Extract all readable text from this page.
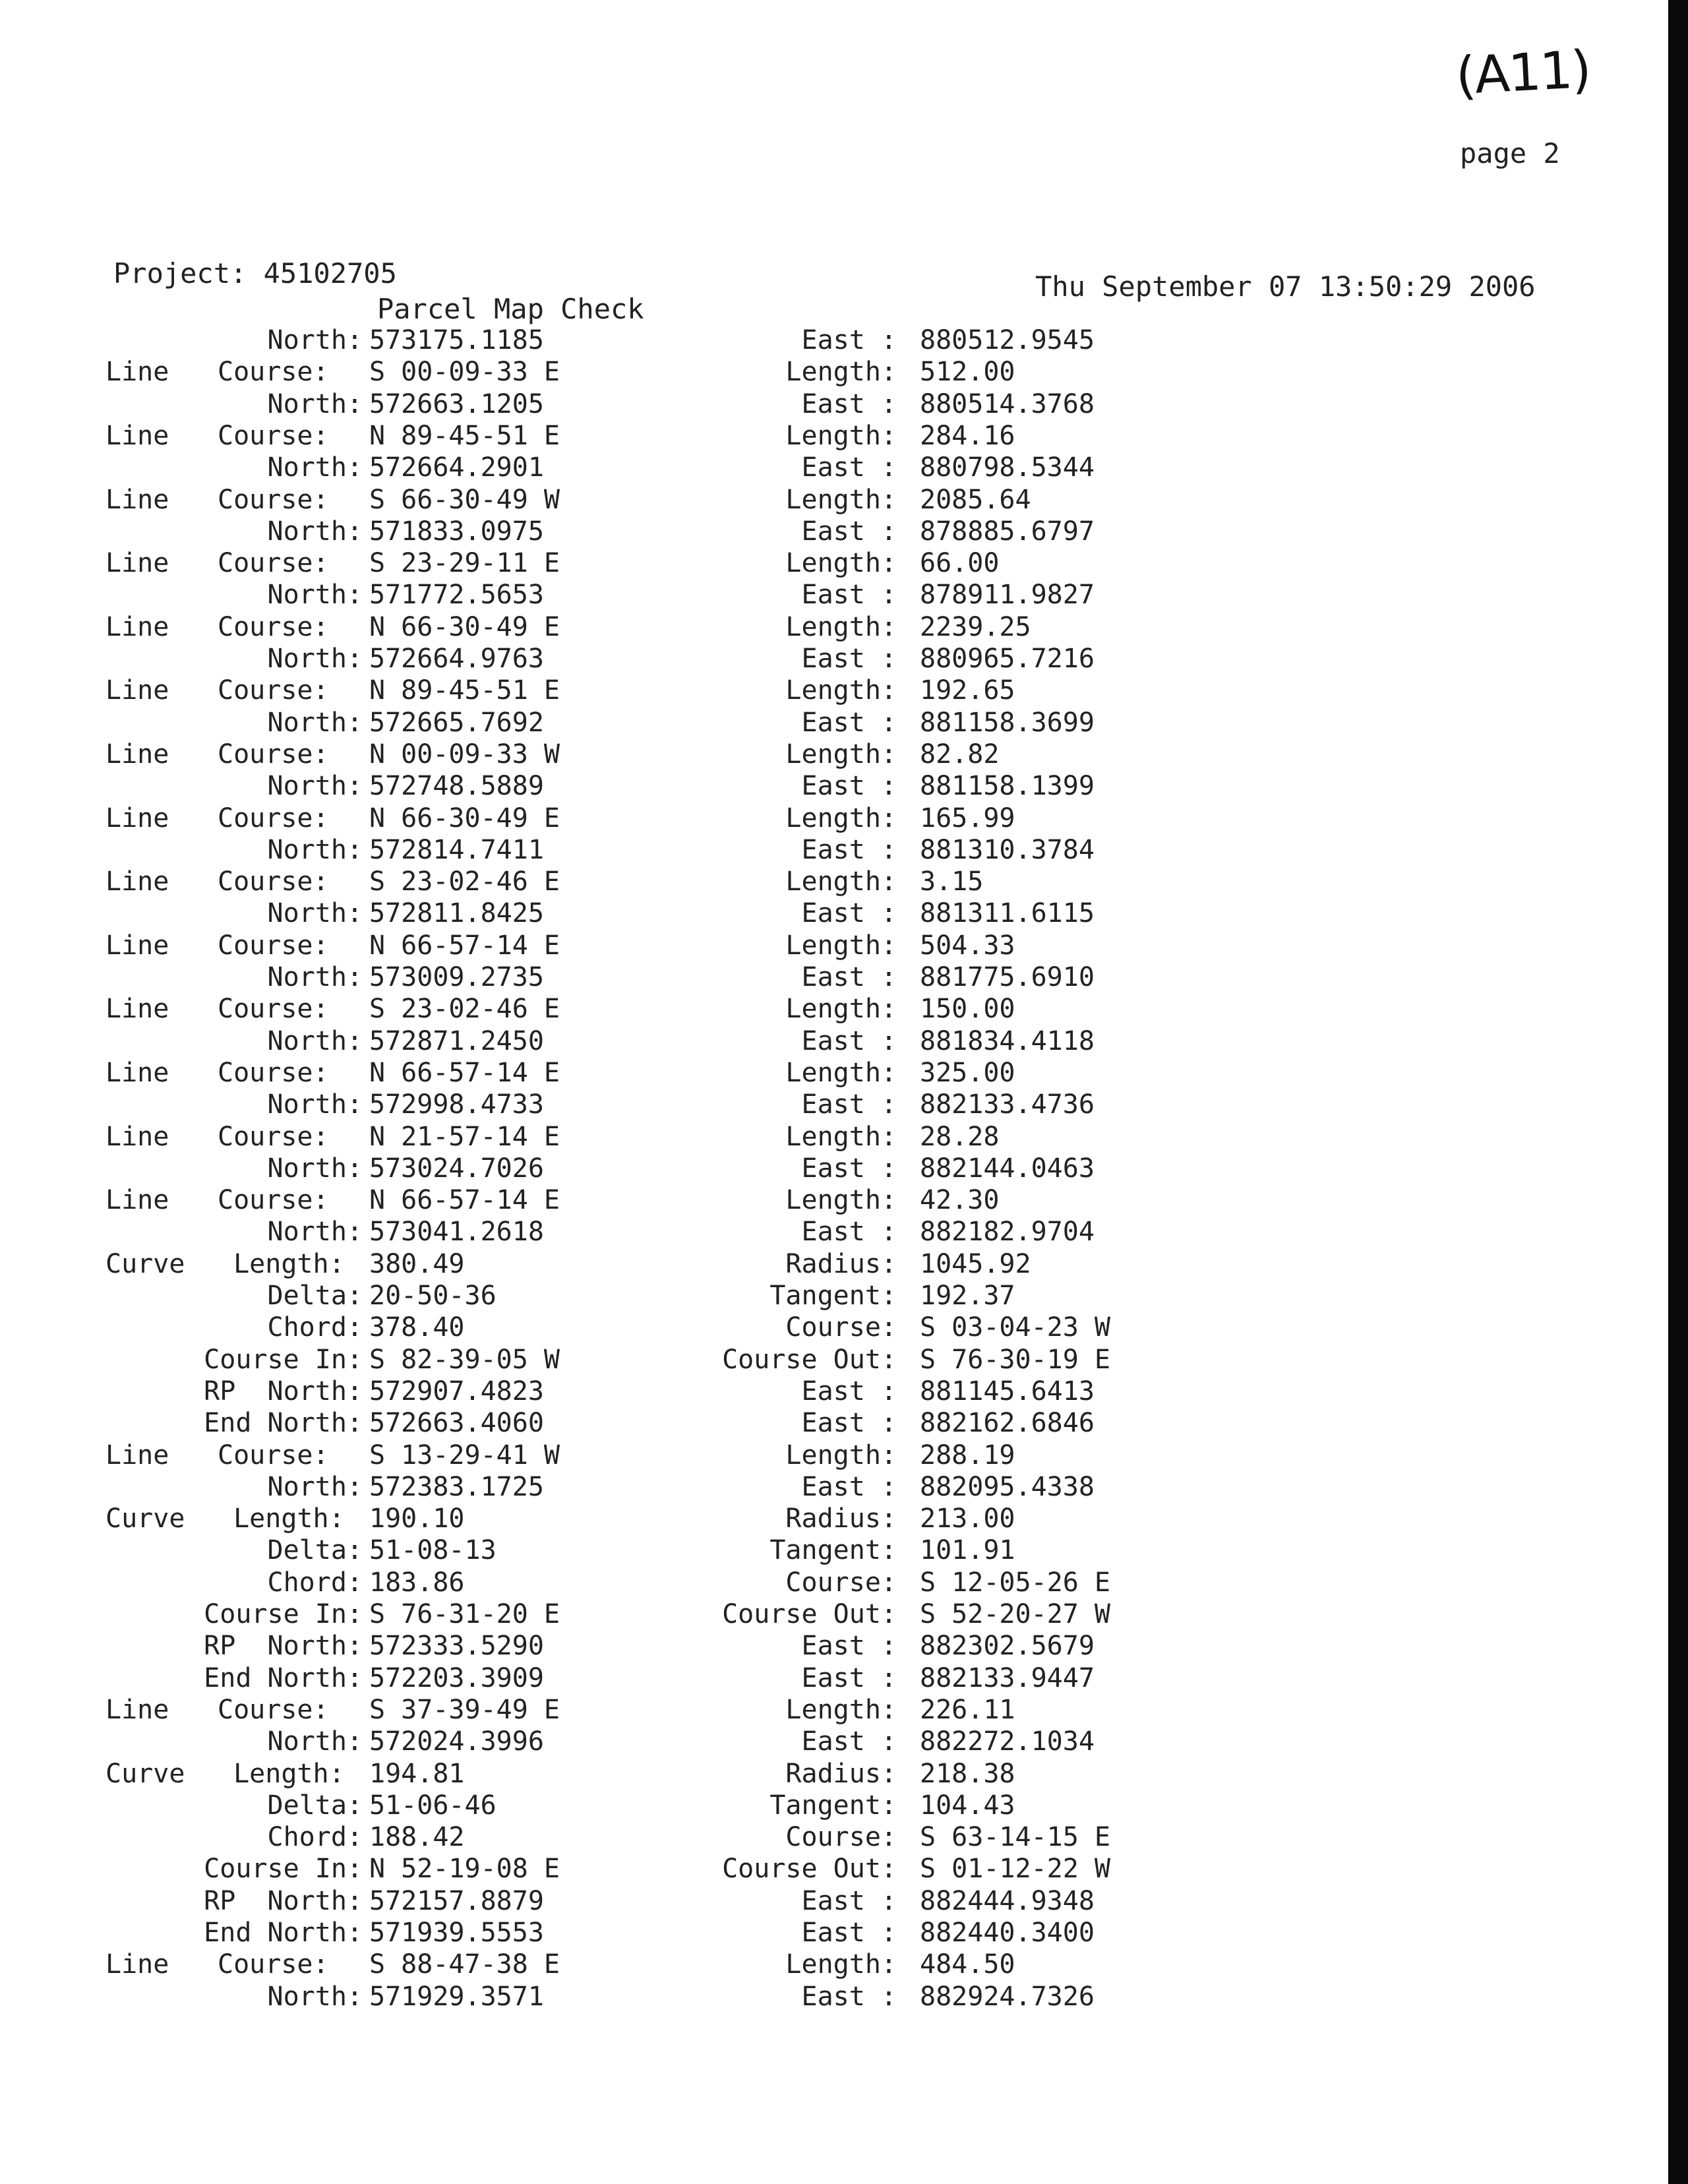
(A11)
page 2
Project: 45102705	Thu September 07 13:50:29 2006
Parcel Map Check
North: 573175.1185	East : 880512.9545
Line Course: S 00-09-33 E	Length: 512.00
North: 572663.1205	East : 880514.3768
Line Course: N 89-45-51 E	Length: 284.16
North: 572664.2901	East : 880798.5344
Line Course: S 66-30-49 W	Length: 2085.64
North: 571833.0975	East : 878885.6797
Line Course: S 23-29-11 E	Length: 66.00
North: 571772.5653	East : 878911.9827
Line Course: N 66-30-49 E	Length: 2239.25
North: 572664.9763	East : 880965.7216
Line Course: N 89-45-51 E	Length: 192.65
North: 572665.7692	East : 881158.3699
Line Course: N 00-09-33 W	Length: 82.82
North: 572748.5889	East : 881158.1399
Line Course: N 66-30-49 E	Length: 165.99
North: 572814.7411	East : 881310.3784
Line Course: S 23-02-46 E	Length: 3.15
North: 572811.8425	East : 881311.6115
Line Course: N 66-57-14 E	Length: 504.33
North: 573009.2735	East : 881775.6910
Line Course: S 23-02-46 E	Length: 150.00
North: 572871.2450	East : 881834.4118
Line Course: N 66-57-14 E	Length: 325.00
North: 572998.4733	East : 882133.4736
Line Course: N 21-57-14 E	Length: 28.28
North: 573024.7026	East : 882144.0463
Line Course: N 66-57-14 E	Length: 42.30
North: 573041.2618	East : 882182.9704
Curve Length: 380.49	Radius: 1045.92
Delta: 20-50-36	Tangent: 192.37
Chord: 378.40	Course: S 03-04-23 W
Course In: S 82-39-05 W	Course Out: S 76-30-19 E
RP  North: 572907.4823	East : 881145.6413
End North: 572663.4060	East : 882162.6846
Line Course: S 13-29-41 W	Length: 288.19
North: 572383.1725	East : 882095.4338
Curve Length: 190.10	Radius: 213.00
Delta: 51-08-13	Tangent: 101.91
Chord: 183.86	Course: S 12-05-26 E
Course In: S 76-31-20 E	Course Out: S 52-20-27 W
RP  North: 572333.5290	East : 882302.5679
End North: 572203.3909	East : 882133.9447
Line Course: S 37-39-49 E	Length: 226.11
North: 572024.3996	East : 882272.1034
Curve Length: 194.81	Radius: 218.38
Delta: 51-06-46	Tangent: 104.43
Chord: 188.42	Course: S 63-14-15 E
Course In: N 52-19-08 E	Course Out: S 01-12-22 W
RP  North: 572157.8879	East : 882444.9348
End North: 571939.5553	East : 882440.3400
Line Course: S 88-47-38 E	Length: 484.50
North: 571929.3571	East : 882924.7326
